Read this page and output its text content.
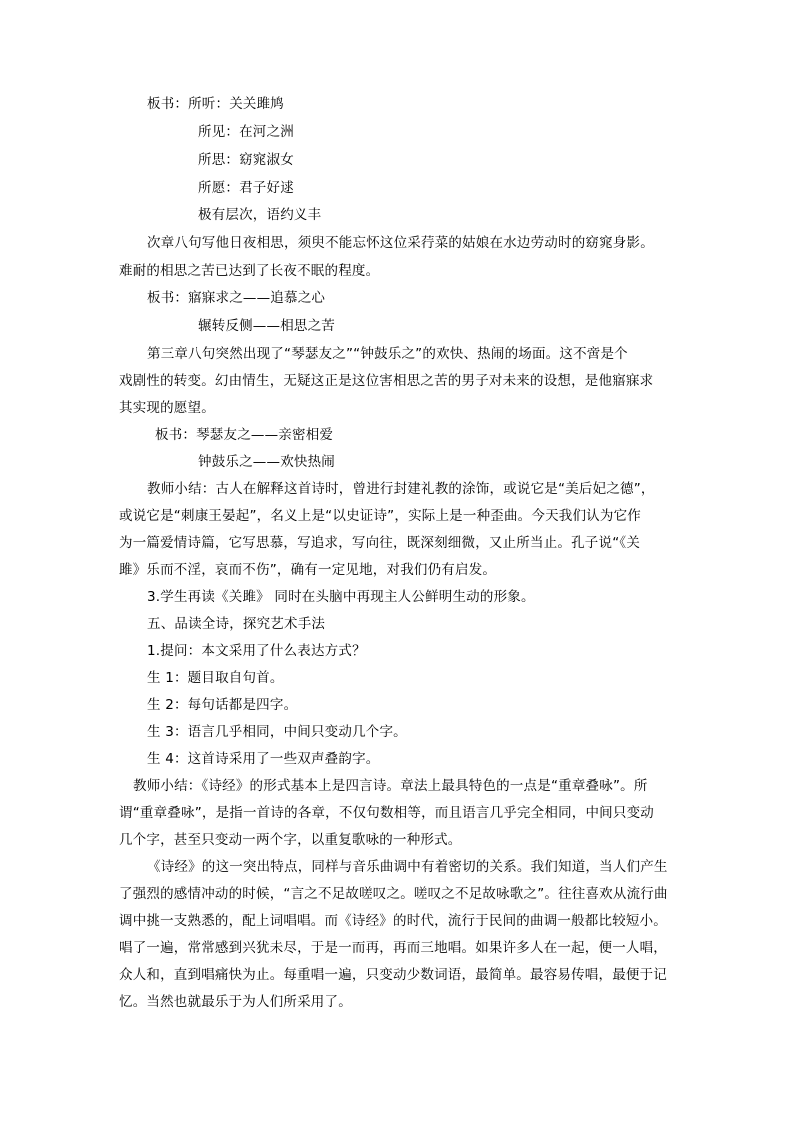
板书：所听：关关雎鸠
所见：在河之洲
所思：窈窕淑女
所愿：君子好逑
极有层次，语约义丰
次章八句写他日夜相思，须臾不能忘怀这位采荇菜的姑娘在水边劳动时的窈窕身影。
难耐的相思之苦已达到了长夜不眠的程度。
板书：寤寐求之——追慕之心
辗转反侧——相思之苦
第三章八句突然出现了“琴瑟友之”“钟鼓乐之”的欢快、热闹的场面。这不啻是个
戏剧性的转变。幻由情生，无疑这正是这位害相思之苦的男子对未来的设想，是他寤寐求
其实现的愿望。
板书：琴瑟友之——亲密相爱
钟鼓乐之——欢快热闹
教师小结：古人在解释这首诗时，曾进行封建礼教的涂饰，或说它是“美后妃之德”，
或说它是“刺康王晏起”，名义上是“以史证诗”，实际上是一种歪曲。今天我们认为它作
为一篇爱情诗篇，它写思慕，写追求，写向往，既深刻细微，又止所当止。孔子说“《关
雎》乐而不淫，哀而不伤”，确有一定见地，对我们仍有启发。
3.学生再读《关雎》 同时在头脑中再现主人公鲜明生动的形象。
五、品读全诗，探究艺术手法
1.提问：本文采用了什么表达方式？
生 1：题目取自句首。
生 2：每句话都是四字。
生 3：语言几乎相同，中间只变动几个字。
生 4：这首诗采用了一些双声叠韵字。
教师小结：《诗经》的形式基本上是四言诗。章法上最具特色的一点是“重章叠咏”。所
谓“重章叠咏”，是指一首诗的各章，不仅句数相等，而且语言几乎完全相同，中间只变动
几个字，甚至只变动一两个字，以重复歌咏的一种形式。
《诗经》的这一突出特点，同样与音乐曲调中有着密切的关系。我们知道，当人们产生
了强烈的感情冲动的时候，“言之不足故嗟叹之。嗟叹之不足故咏歌之”。往往喜欢从流行曲
调中挑一支熟悉的，配上词唱唱。而《诗经》的时代，流行于民间的曲调一般都比较短小。
唱了一遍，常常感到兴犹未尽，于是一而再，再而三地唱。如果许多人在一起，便一人唱，
众人和，直到唱痛快为止。每重唱一遍，只变动少数词语，最简单。最容易传唱，最便于记
忆。当然也就最乐于为人们所采用了。
